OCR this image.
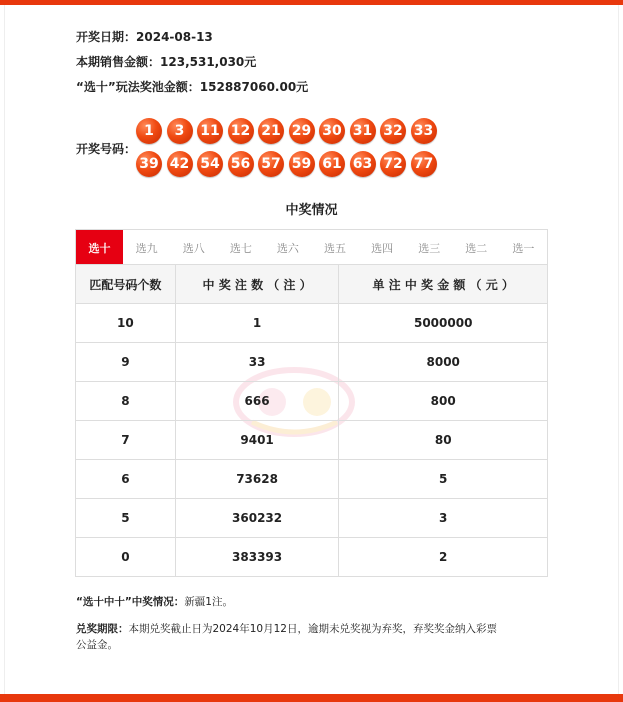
开奖日期：2024-08-13
本期销售金额：123,531,030元
“选十”玩法奖池金额：152887060.00元
开奖号码：
1	3	11 12 21 29 30 31 32 33
39 42 54 56 57 59 61 63 72 77
中奖情况
选十	选九	选八	选七	选六	选五	选四	选三	选二	选一
匹配号码个数	中 奖 注 数 （ 注 ）	单 注 中 奖 金 额 （ 元 ）
10	1	5000000
9	33	8000
8	666	800
7	9401	80
6	73628	5
5	360232	3
0	383393	2
“选十中十”中奖情况：新疆1注。
兑奖期限：本期兑奖截止日为2024年10月12日，逾期未兑奖视为弃奖，弃奖奖金纳入彩票
公益金。
